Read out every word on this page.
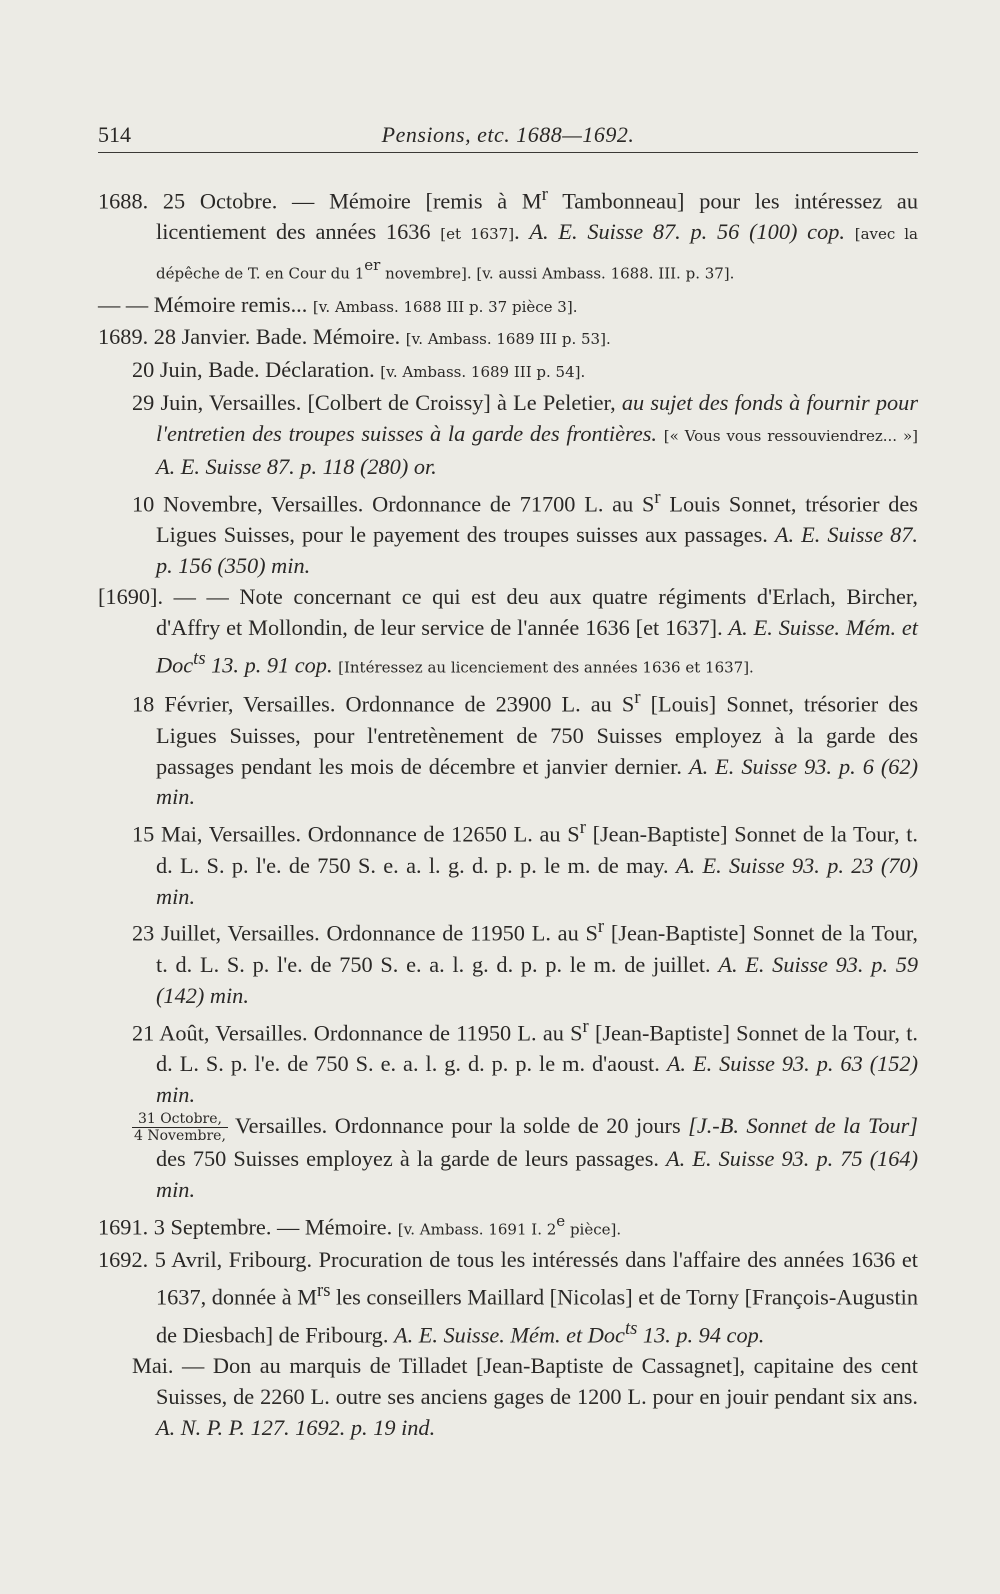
514	Pensions, etc. 1688—1692.

1688. 25 Octobre. — Mémoire [remis à $M^r$ Tambonneau] pour les intéressez au licentiement des années 1636 [et 1637]. A. E. Suisse 87. p. 56 (100) cop. [avec la dépêche de T. en Cour du 1er novembre]. [v. aussi Ambass. 1688. III. p. 37].

— — Mémoire remis... [v. Ambass. 1688 III p. 37 pièce 3].

1689. 28 Janvier. Bade. Mémoire. [v. Ambass. 1689 III p. 53].

20 Juin, Bade. Déclaration. [v. Ambass. 1689 III p. 54].

29 Juin, Versailles. [Colbert de Croissy] à Le Peletier, au sujet des fonds à fournir pour l'entretien des troupes suisses à la garde des frontières. [« Vous vous ressouviendrez... »] A. E. Suisse 87. p. 118 (280) or.

10 Novembre, Versailles. Ordonnance de 71700 L. au $S^r$ Louis Sonnet, trésorier des Ligues Suisses, pour le payement des troupes suisses aux passages. A. E. Suisse 87. p. 156 (350) min.

[1690]. — — Note concernant ce qui est deu aux quatre régiments d'Erlach, Bircher, d'Affry et Mollondin, de leur service de l'année 1636 [et 1637]. A. E. Suisse. Mém. et Doc$^{ts}$ 13. p. 91 cop. [Intéressez au licenciement des années 1636 et 1637].

18 Février, Versailles. Ordonnance de 23900 L. au $S^r$ [Louis] Sonnet, trésorier des Ligues Suisses, pour l'entretènement de 750 Suisses employez à la garde des passages pendant les mois de décembre et janvier dernier. A. E. Suisse 93. p. 6 (62) min.

15 Mai, Versailles. Ordonnance de 12650 L. au $S^r$ [Jean-Baptiste] Sonnet de la Tour, t. d. L. S. p. l'e. de 750 S. e. a. l. g. d. p. p. le m. de may. A. E. Suisse 93. p. 23 (70) min.

23 Juillet, Versailles. Ordonnance de 11950 L. au $S^r$ [Jean-Baptiste] Sonnet de la Tour, t. d. L. S. p. l'e. de 750 S. e. a. l. g. d. p. p. le m. de juillet. A. E. Suisse 93. p. 59 (142) min.

21 Août, Versailles. Ordonnance de 11950 L. au $S^r$ [Jean-Baptiste] Sonnet de la Tour, t. d. L. S. p. l'e. de 750 S. e. a. l. g. d. p. p. le m. d'aoust. A. E. Suisse 93. p. 63 (152) min.

$\frac{\text{31 Octobre,}}{\text{4 Novembre,}}$ Versailles. Ordonnance pour la solde de 20 jours [J.-B. Sonnet de la Tour] des 750 Suisses employez à la garde de leurs passages. A. E. Suisse 93. p. 75 (164) min.

1691. 3 Septembre. — Mémoire. [v. Ambass. 1691 I. 2e pièce].

1692. 5 Avril, Fribourg. Procuration de tous les intéressés dans l'affaire des années 1636 et 1637, donnée à $M^{rs}$ les conseillers Maillard [Nicolas] et de Torny [François-Augustin de Diesbach] de Fribourg. A. E. Suisse. Mém. et Doc$^{ts}$ 13. p. 94 cop.

Mai. — Don au marquis de Tilladet [Jean-Baptiste de Cassagnet], capitaine des cent Suisses, de 2260 L. outre ses anciens gages de 1200 L. pour en jouir pendant six ans. A. N. P. P. 127. 1692. p. 19 ind.
